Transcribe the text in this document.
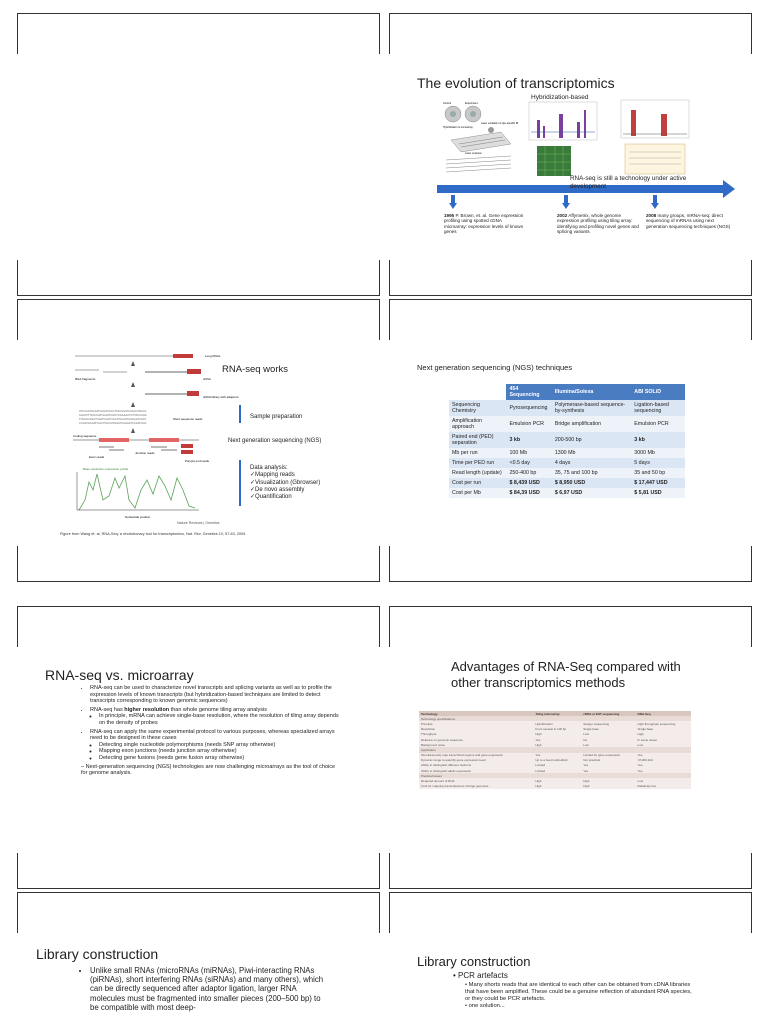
The evolution of transcriptomics
Hybridization-based
Control	Experiment
Hybridization to microarray
Laser excitation of dye-specific fill
Laser emission
RNA-seq is still a technology under active development
1995 P. Brown, et. al. Gene expression profiling using spotted cDNA microarray: expression levels of known genes
2002 Affymetrix, whole genome expression profiling using tiling array: identifying and profiling novel genes and splicing variants
2008 many groups, mRNA-seq: direct sequencing of mRNAs using next generation sequencing techniques (NGS)
Long RNAs
RNA fragments	cDNA
cDNA library with adaptors
ATCCGATGCAATCGGATGCCTTACGGATCAAGCTAGGC
GGATCTTACCGATGCAATCGGTCGGAACTGTTACCAGA
TTAGCCAGGTCAATCGATCCGATGCAATCAGGATCGAT
CCGATGCAATCGGTTACCATGGATCAGGATCCAATGGC
Short sequence reads
Coding sequence
Exon reads
Junction reads
Poly(A) end reads
Base-resolution expression profile
Nucleotide position
RNA-seq works
Sample preparation
Next generation sequencing (NGS)
Data analysis:
✓Mapping reads
✓Visualization (Gbrowser)
✓De novo assembly
✓Quantification
Nature Reviews | Genetics
Figure from Wang et. al, RNA-Seq: a revolutionary tool for transcriptomics, Nat. Rev. Genetics 10, 57-63, 2009.
Next generation sequencing (NGS) techniques
	454 Sequencing	Illumina/Solexa	ABI SOLiD
Sequencing Chemistry	Pyrosequencing	Polymerase-based sequence-by-synthesis	Ligation-based sequencing
Amplification approach	Emulsion PCR	Bridge amplification	Emulsion PCR
Paired end (PED) separation	3 kb	200-500 bp	3 kb
Mb per run	100 Mb	1300 Mb	3000 Mb
Time per PED run	<0.5 day	4 days	5 days
Read length (update)	250-400 bp	35, 75 and 100 bp	35 and 50 bp
Cost per run	$ 8,439 USD	$ 8,950 USD	$ 17,447 USD
Cost per Mb	$ 84,39 USD	$ 6,97 USD	$ 5,81 USD
RNA-seq vs. microarray
• RNA-seq can be used to characterize novel transcripts and splicing variants as well as to profile the expression levels of known transcripts (but hybridization-based techniques are limited to detect transcripts corresponding to known genomic sequences)
• RNA-seq has higher resolution than whole genome tiling array analysis
◦ In principle, mRNA can achieve single-base resolution, where the resolution of tiling array depends on the density of probes
• RNA-seq can apply the same experimental protocol to various purposes, whereas specialized arrays need to be designed in these cases
◦ Detecting single nucleotide polymorphisms (needs SNP array otherwise)
◦ Mapping exon junctions (needs junction array otherwise)
◦ Detecting gene fusions (needs gene fusion array otherwise)
– Next-generation sequencing (NGS) technologies are now challenging microarrays as the tool of choice for genome analysis.
Advantages of RNA-Seq compared with other transcriptomics methods
Technology	Tiling microarray	cDNA or EST sequencing	RNA-Seq
Technology specifications			
Principle	Hybridization	Sanger sequencing	High-throughput sequencing
Resolution	From several to 100 bp	Single base	Single base
Throughput	High	Low	High
Reliance on genomic sequence	Yes	No	In some cases
Background noise	High	Low	Low
Application			
Simultaneously map transcribed regions and gene expression	Yes	Limited for gene expression	Yes
Dynamic range to quantify gene expression level	Up to a few-hundredfold	Not practical	>8,000-fold
Ability to distinguish different isoforms	Limited	Yes	Yes
Ability to distinguish allelic expression	Limited	Yes	Yes
Practical issues			
Required amount of RNA	High	High	Low
Cost for mapping transcriptomes of large genomes	High	High	Relatively low
Library construction
• Unlike small RNAs (microRNAs (miRNAs), Piwi-interacting RNAs (piRNAs), short interfering RNAs (siRNAs) and many others), which can be directly sequenced after adaptor ligation, larger RNA molecules must be fragmented into smaller pieces (200–500 bp) to be compatible with most deep-
Library construction
• PCR artefacts
• Many shorts reads that are identical to each other can be obtained from cDNA libraries that have been amplified. These could be a genuine reflection of abundant RNA species, or they could be PCR artefacts.
• one solution...
